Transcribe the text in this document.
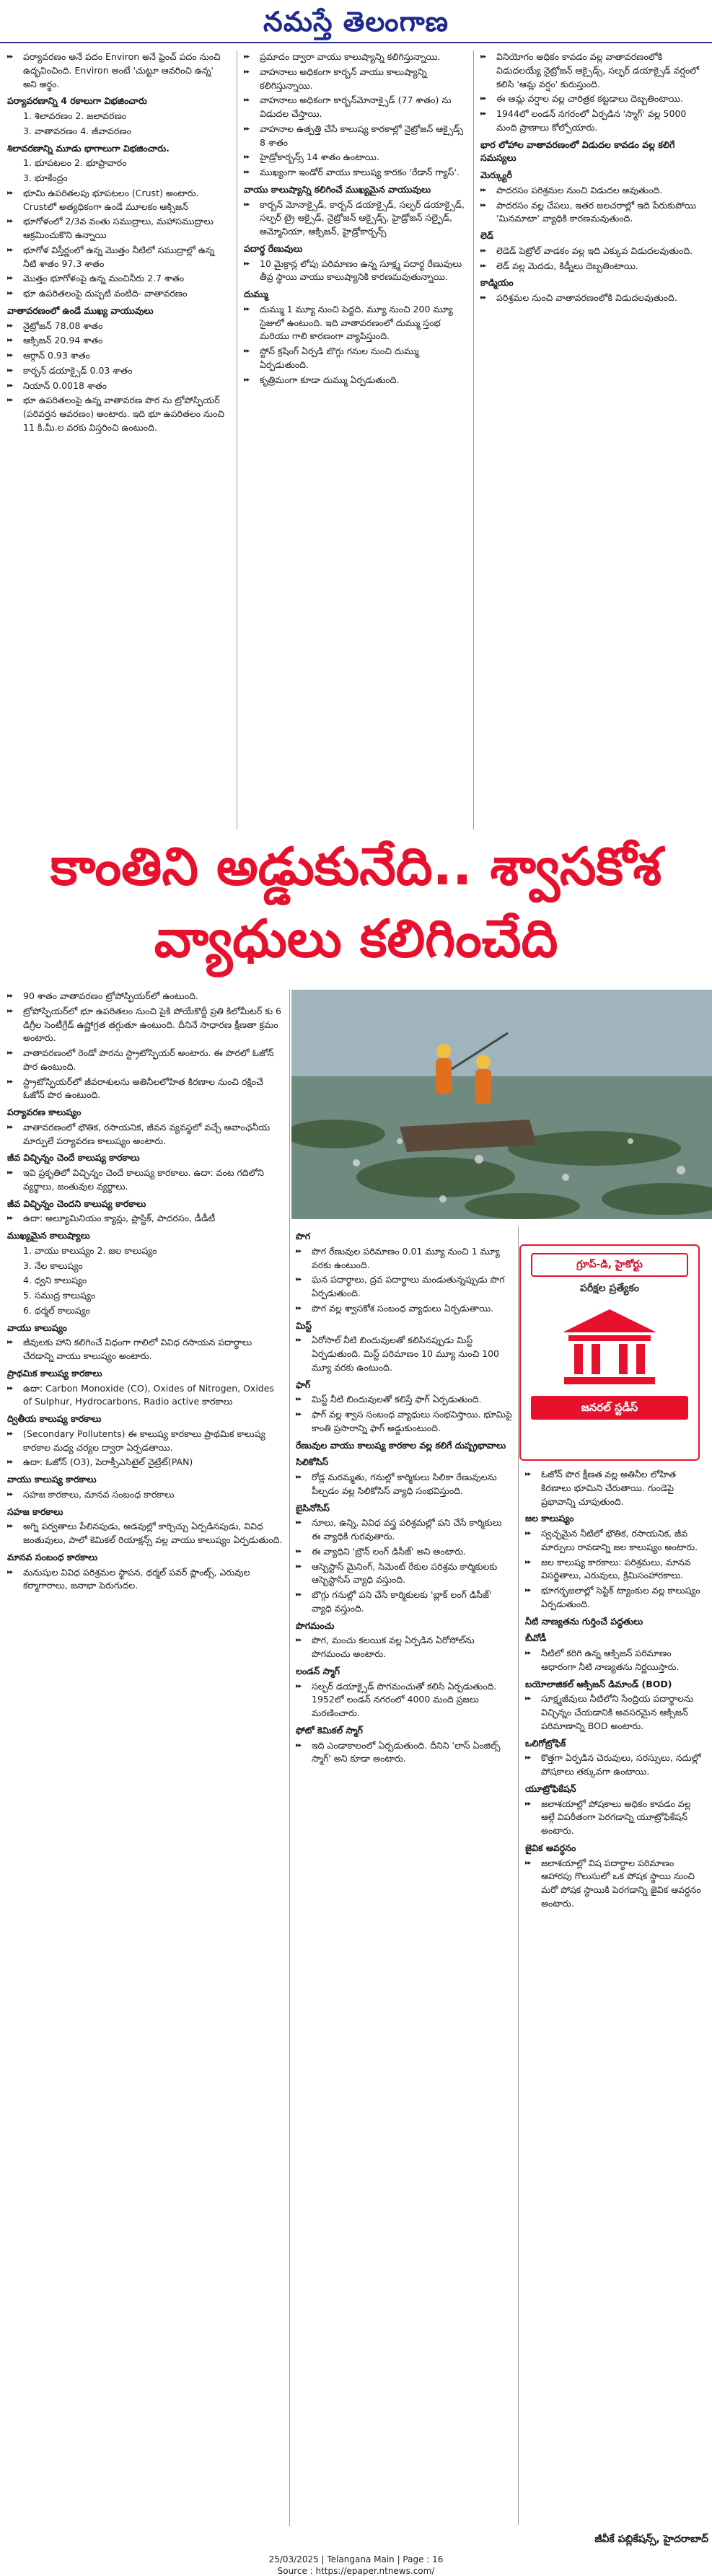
నమస్తే తెలంగాణ
▶▶ పర్యావరణం అనే పదం Environ అనే ఫ్రెంచ్ పదం నుంచి ఉద్భవించింది. Environ అంటే 'చుట్టూ ఆవరించి ఉన్న' అని అర్థం.
పర్యావరణాన్ని 4 రకాలుగా విభజించారు
1. శిలావరణం 2. జలావరణం
3. వాతావరణం 4. జీవావరణం
శిలావరణాన్ని మూడు భాగాలుగా విభజించారు.
1. భూపటలం 2. భూప్రావారం
3. భూకేంద్రం
▶▶ భూమి ఉపరితలపు భూపటలం (Crust) అంటారు. Crustలో అత్యధికంగా ఉండే మూలకం ఆక్సిజన్
▶▶ భూగోళంలో 2/3వ వంతు సముద్రాలు, మహాసముద్రాలు ఆక్రమించుకొని ఉన్నాయి
▶▶ భూగోళ విస్తీర్ణంలో ఉన్న మొత్తం నీటిలో సముద్రాల్లో ఉన్న నీటి శాతం 97.3 శాతం
▶▶ మొత్తం భూగోళంపై ఉన్న మంచినీరు 2.7 శాతం
▶▶ భూ ఉపరితలంపై దుప్పటి వంటిది- వాతావరణం
వాతావరణంలో ఉండే ముఖ్య వాయువులు
▶▶ నైట్రోజన్ 78.08 శాతం
▶▶ ఆక్సిజన్ 20.94 శాతం
▶▶ ఆర్గాన్ 0.93 శాతం
▶▶ కార్బన్ డయాక్సైడ్ 0.03 శాతం
▶▶ నియాన్ 0.0018 శాతం
▶▶ భూ ఉపరితలంపై ఉన్న వాతావరణ పొర ను ట్రోపోస్ఫియర్ (పరివర్తన ఆవరణం) అంటారు. ఇది భూ ఉపరితలం నుంచి 11 కి.మీ.ల వరకు విస్తరించి ఉంటుంది.
▶▶ ప్రమాదం ద్వారా వాయు కాలుష్యాన్ని కలిగిస్తున్నాయి.
▶▶ వాహనాలు అధికంగా కార్బన్ వాయు కాలుష్యాన్ని కలిగిస్తున్నాయి.
▶▶ వాహనాలు అధికంగా కార్బన్‌మోనాక్సైడ్ (77 శాతం) ను విడుదల చేస్తాయి.
▶▶ వాహనాల ఉత్పత్తి చేసే కాలుష్య కారకాల్లో నైట్రోజన్ ఆక్సైడ్స్ 8 శాతం
▶▶ హైడ్రోకార్బన్స్ 14 శాతం ఉంటాయి.
▶▶ ముఖ్యంగా ఇండోర్ వాయు కాలుష్య కారకం 'రేడాన్ గ్యాస్'.
వాయు కాలుష్యాన్ని కలిగించే ముఖ్యమైన వాయువులు
▶▶ కార్బన్ మోనాక్సైడ్, కార్బన్ డయాక్సైడ్, సల్ఫర్ డయాక్సైడ్, సల్ఫర్ ట్రై ఆక్సైడ్, నైట్రోజన్ ఆక్సైడ్స్, హైడ్రోజన్ సల్ఫైడ్, అమ్మోనియా, ఆక్సిజన్, హైడ్రోకార్బన్స్
పదార్థ రేణువులు
▶▶ 10 మైక్రాన్ల లోపు పరిమాణం ఉన్న సూక్ష్మ పదార్థ రేణువులు తీవ్ర స్థాయి వాయు కాలుష్యానికి కారణమవుతున్నాయి.
దుమ్ము
▶▶ దుమ్ము 1 మ్యూ నుంచి పెద్దది. మ్యూ నుంచి 200 మ్యూ సైజులో ఉంటుంది. ఇది వాతావరణంలో దుమ్ము స్తంభ మరియు గాలి కారణంగా వ్యాపిస్తుంది.
▶▶ స్టోన్ క్రషింగ్ ఏర్పడి బొగ్గు గనుల నుంచి దుమ్ము ఏర్పడుతుంది.
▶▶ కృత్రిమంగా కూడా దుమ్ము ఏర్పడుతుంది.
▶▶ వినియోగం అధికం కావడం వల్ల వాతావరణంలోకి విడుదలయ్యే నైట్రోజన్ ఆక్సైడ్స్, సల్ఫర్ డయాక్సైడ్ వర్షంలో కలిసి 'ఆమ్ల వర్షం' కురుస్తుంది.
▶▶ ఈ ఆమ్ల వర్షాల వల్ల చారిత్రక కట్టడాలు దెబ్బతింటాయి.
▶▶ 1944లో లండన్ నగరంలో ఏర్పడిన 'స్మాగ్' వల్ల 5000 మంది ప్రాణాలు కోల్పోయారు.
భార లోహాల వాతావరణంలో విడుదల కావడం వల్ల కలిగే సమస్యలు
మెర్క్యురీ
▶▶ పాదరసం పరిశ్రమల నుంచి విడుదల అవుతుంది.
▶▶ పాదరసం వల్ల చేపలు, ఇతర జలచరాల్లో ఇది పేరుకుపోయి 'మినమాటా' వ్యాధికి కారణమవుతుంది.
లెడ్
▶▶ లెడెడ్ పెట్రోల్ వాడకం వల్ల ఇది ఎక్కువ విడుదలవుతుంది.
▶▶ లెడ్ వల్ల మెదడు, కిడ్నీలు దెబ్బతింటాయి.
కాడ్మియం
▶▶ పరిశ్రమల నుంచి వాతావరణంలోకి విడుదలవుతుంది.
కాంతిని అడ్డుకునేది.. శ్వాసకోశ
వ్యాధులు కలిగించేది
▶▶ 90 శాతం వాతావరణం ట్రోపోస్ఫియర్‌లో ఉంటుంది.
▶▶ ట్రోపోస్ఫియర్‌లో భూ ఉపరితలం నుంచి పైకి పోయేకొద్దీ ప్రతి కిలోమీటర్ కు 6 డిగ్రీల సెంటీగ్రేడ్ ఉష్ణోగ్రత తగ్గుతూ ఉంటుంది. దీనినే సాధారణ క్షీణతా క్రమం అంటారు.
▶▶ వాతావరణంలో రెండో పొరను స్ట్రాటోస్ఫియర్ అంటారు. ఈ పొరలో ఓజోన్ పొర ఉంటుంది.
▶▶ స్ట్రాటోస్ఫియర్‌లో జీవరాశులను అతినీలలోహిత కిరణాల నుంచి రక్షించే ఓజోన్ పొర ఉంటుంది.
పర్యావరణ కాలుష్యం
▶▶ వాతావరణంలో భౌతిక, రసాయనిక, జీవన వ్యవస్థలో వచ్చే అవాంఛనీయ మార్పులే పర్యావరణ కాలుష్యం అంటారు.
జీవ విచ్ఛిన్నం చెందే కాలుష్య కారకాలు
▶▶ ఇవి ప్రకృతిలో విచ్ఛిన్నం చెందే కాలుష్య కారకాలు. ఉదా: వంట గదిలోని వ్యర్థాలు, జంతువుల వ్యర్థాలు.
జీవ విచ్ఛిన్నం చెందని కాలుష్య కారకాలు
▶▶ ఉదా: అల్యూమినియం క్యాన్లు, ప్లాస్టిక్, పాదరసం, డీడీటీ
ముఖ్యమైన కాలుష్యాలు
1. వాయు కాలుష్యం 2. జల కాలుష్యం
3. నేల కాలుష్యం
4. ధ్వని కాలుష్యం
5. సముద్ర కాలుష్యం
6. థర్మల్ కాలుష్యం
వాయు కాలుష్యం
▶▶ జీవులకు హాని కలిగించే విధంగా గాలిలో వివిధ రసాయన పదార్థాలు చేరడాన్ని వాయు కాలుష్యం అంటారు.
ప్రాథమిక కాలుష్య కారకాలు
▶▶ ఉదా: Carbon Monoxide (CO), Oxides of Nitrogen, Oxides of Sulphur, Hydrocarbons, Radio active కారకాలు
ద్వితీయ కాలుష్య కారకాలు
▶▶ (Secondary Pollutents) ఈ కాలుష్య కారకాలు ప్రాథమిక కాలుష్య కారకాల మధ్య చర్యల ద్వారా ఏర్పడతాయి.
▶▶ ఉదా: ఓజోన్ (O3), పెరాక్సీఎసిటైల్ నైట్రేట్(PAN)
వాయు కాలుష్య కారకాలు
▶▶ సహజ కారకాలు, మానవ సంబంధ కారకాలు
సహజ కారకాలు
▶▶ అగ్ని పర్వతాలు పేలినపుడు, అడవుల్లో కార్చిచ్చు ఏర్పడినపుడు, వివిధ జంతువులు, పాలో కెమికల్ రియాక్షన్స్ వల్ల వాయు కాలుష్యం ఏర్పడుతుంది.
మానవ సంబంధ కారకాలు
▶▶ మనుషుల వివిధ పరిశ్రమల స్థాపన, థర్మల్ పవర్ ప్లాంట్స్, ఎరువుల కర్మాగారాలు, జనాభా పెరుగుదల.
పొగ
▶▶ పొగ రేణువుల పరిమాణం 0.01 మ్యూ నుంచి 1 మ్యూ వరకు ఉంటుంది.
▶▶ ఘన పదార్థాలు, ద్రవ పదార్థాలు మండుతున్నప్పుడు పొగ ఏర్పడుతుంది.
▶▶ పొగ వల్ల శ్వాసకోశ సంబంధ వ్యాధులు ఏర్పడుతాయి.
మిస్ట్
▶▶ ఏరోసాల్ నీటి బిందువులతో కలిసినప్పుడు మిస్ట్ ఏర్పడుతుంది. మిస్ట్ పరిమాణం 10 మ్యూ నుంచి 100 మ్యూ వరకు ఉంటుంది.
ఫాగ్
▶▶ మిస్ట్ నీటి బిందువులతో కలిస్తే ఫాగ్ ఏర్పడుతుంది.
▶▶ ఫాగ్ వల్ల శ్వాస సంబంధ వ్యాధులు సంభవిస్తాయి. భూమిపై కాంతి ప్రసారాన్ని ఫాగ్ అడ్డుకుంటుంది.
రేణువుల వాయు కాలుష్య కారకాల వల్ల కలిగే దుష్ప్రభావాలు
సిలికోసిస్
▶▶ రోడ్ల మరమ్మతు, గనుల్లో కార్మికులు సిలికా రేణువులను పీల్చడం వల్ల సిలికోసిస్ వ్యాధి సంభవిస్తుంది.
బైసినోసిస్
▶▶ నూలు, ఉన్ని, వివిధ వస్త్ర పరిశ్రమల్లో పని చేసే కార్మికులు ఈ వ్యాధికి గురవుతారు.
▶▶ ఈ వ్యాధిని 'బ్రౌన్ లంగ్ డిసీజ్' అని అంటారు.
▶▶ ఆస్బెస్టాస్ మైనింగ్, సిమెంట్ రేకుల పరిశ్రమ కార్మికులకు ఆస్బెస్టాసిస్ వ్యాధి వస్తుంది.
▶▶ బొగ్గు గనుల్లో పని చేసే కార్మికులకు 'బ్లాక్ లంగ్ డిసీజ్' వ్యాధి వస్తుంది.
పొగమంచు
▶▶ పొగ, మంచు కలయిక వల్ల ఏర్పడిన ఏరోసోల్‌ను పొగమంచు అంటారు.
లండన్ స్మాగ్
▶▶ సల్ఫర్ డయాక్సైడ్ పొగమంచుతో కలిసి ఏర్పడుతుంది. 1952లో లండన్ నగరంలో 4000 మంది ప్రజలు మరణించారు.
ఫోటో కెమికల్ స్మాగ్
▶▶ ఇది ఎండాకాలంలో ఏర్పడుతుంది. దీనిని 'లాస్ ఏంజిల్స్ స్మాగ్' అని కూడా అంటారు.
గ్రూప్-డి, హైకోర్టు
పరీక్షల ప్రత్యేకం
జనరల్ స్టడీస్
▶▶ ఓజోన్ పొర క్షీణత వల్ల అతినీల లోహిత కిరణాలు భూమిని చేరుతాయి. గుండెపై ప్రభావాన్ని చూపుతుంది.
జల కాలుష్యం
▶▶ స్వచ్ఛమైన నీటిలో భౌతిక, రసాయనిక, జీవ మార్పులు రావడాన్ని జల కాలుష్యం అంటారు.
▶▶ జల కాలుష్య కారకాలు: పరిశ్రమలు, మానవ విసర్జితాలు, ఎరువులు, క్రిమిసంహారకాలు.
▶▶ భూగర్భజలాల్లో సెప్టిక్ ట్యాంకుల వల్ల కాలుష్యం ఏర్పడుతుంది.
నీటి నాణ్యతను గుర్తించే పద్ధతులు
బీవోడీ
▶▶ నీటిలో కరిగి ఉన్న ఆక్సిజన్ పరిమాణం ఆధారంగా నీటి నాణ్యతను నిర్ణయిస్తారు.
బయోలాజికల్ ఆక్సిజన్ డిమాండ్ (BOD)
▶▶ సూక్ష్మజీవులు నీటిలోని సేంద్రియ పదార్థాలను విచ్ఛిన్నం చేయడానికి అవసరమైన ఆక్సిజన్ పరిమాణాన్ని BOD అంటారు.
ఒలిగోట్రోఫిక్
▶▶ కొత్తగా ఏర్పడిన చెరువులు, సరస్సులు, నదుల్లో పోషకాలు తక్కువగా ఉంటాయి.
యూట్రోఫికేషన్
▶▶ జలాశయాల్లో పోషకాలు అధికం కావడం వల్ల ఆల్గే విపరీతంగా పెరగడాన్ని యూట్రోఫికేషన్ అంటారు.
జైవిక ఆవర్ధనం
▶▶ జలాశయాల్లో విష పదార్థాల పరిమాణం ఆహారపు గొలుసులో ఒక పోషక స్థాయి నుంచి మరో పోషక స్థాయికి పెరగడాన్ని జైవిక ఆవర్ధనం అంటారు.
జీవీకే పబ్లికేషన్స్, హైదరాబాద్
25/03/2025 | Telangana Main | Page : 16
Source : https://epaper.ntnews.com/
